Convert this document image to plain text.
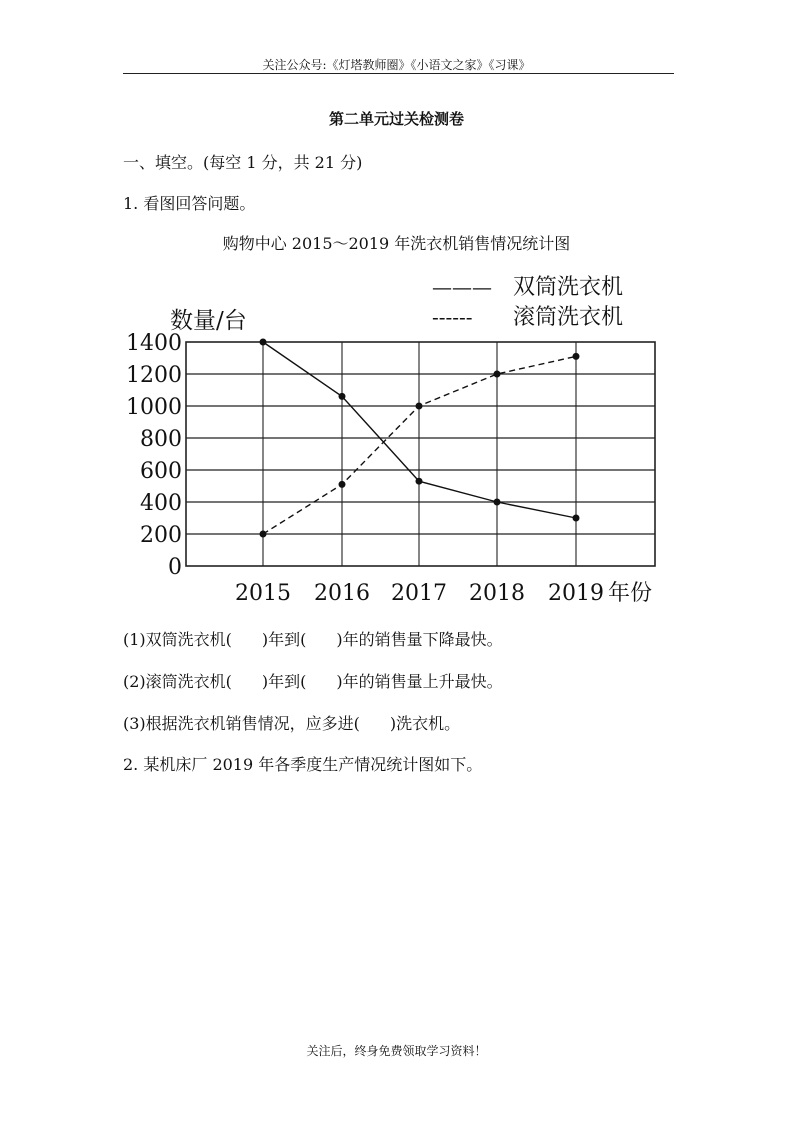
关注公众号:《灯塔教师圈》《小语文之家》《习课》
第二单元过关检测卷
一、填空。(每空 1 分，共 21 分)
1. 看图回答问题。
购物中心 2015～2019 年洗衣机销售情况统计图
0
200
400
600
800
1000
1200
1400
2015 2016 2017 2018 2019 年份
数量/台
——— 双筒洗衣机
------ 滚筒洗衣机
(1)双筒洗衣机( )年到( )年的销售量下降最快。
(2)滚筒洗衣机( )年到( )年的销售量上升最快。
(3)根据洗衣机销售情况，应多进( )洗衣机。
2. 某机床厂 2019 年各季度生产情况统计图如下。
关注后，终身免费领取学习资料！
